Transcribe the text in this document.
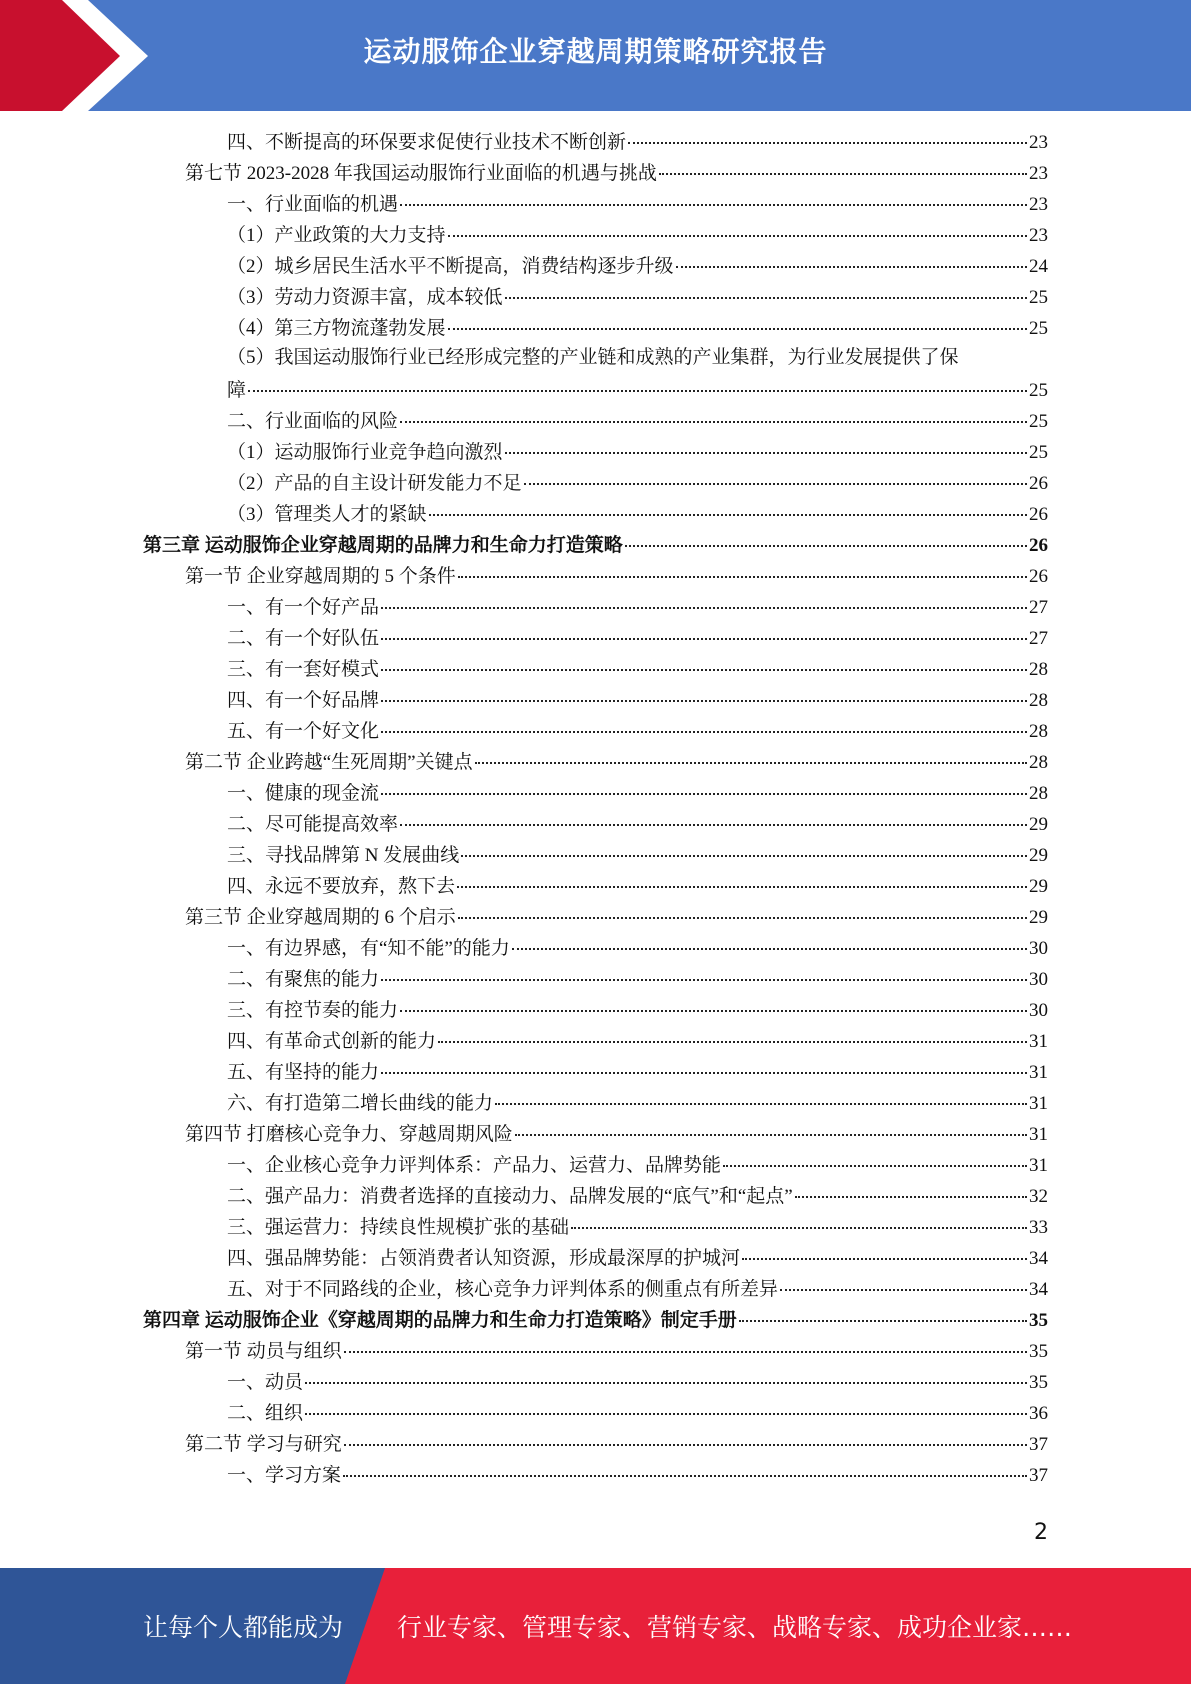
运动服饰企业穿越周期策略研究报告
四、不断提高的环保要求促使行业技术不断创新	23
第七节 2023-2028 年我国运动服饰行业面临的机遇与挑战	23
一、行业面临的机遇	23
（1）产业政策的大力支持	23
（2）城乡居民生活水平不断提高，消费结构逐步升级	24
（3）劳动力资源丰富，成本较低	25
（4）第三方物流蓬勃发展	25
（5）我国运动服饰行业已经形成完整的产业链和成熟的产业集群，为行业发展提供了保
障	25
二、行业面临的风险	25
（1）运动服饰行业竞争趋向激烈	25
（2）产品的自主设计研发能力不足	26
（3）管理类人才的紧缺	26
第三章 运动服饰企业穿越周期的品牌力和生命力打造策略	26
第一节 企业穿越周期的 5 个条件	26
一、有一个好产品	27
二、有一个好队伍	27
三、有一套好模式	28
四、有一个好品牌	28
五、有一个好文化	28
第二节 企业跨越“生死周期”关键点	28
一、健康的现金流	28
二、尽可能提高效率	29
三、寻找品牌第 N 发展曲线	29
四、永远不要放弃，熬下去	29
第三节 企业穿越周期的 6 个启示	29
一、有边界感，有“知不能”的能力	30
二、有聚焦的能力	30
三、有控节奏的能力	30
四、有革命式创新的能力	31
五、有坚持的能力	31
六、有打造第二增长曲线的能力	31
第四节 打磨核心竞争力、穿越周期风险	31
一、企业核心竞争力评判体系：产品力、运营力、品牌势能	31
二、强产品力：消费者选择的直接动力、品牌发展的“底气”和“起点”	32
三、强运营力：持续良性规模扩张的基础	33
四、强品牌势能：占领消费者认知资源，形成最深厚的护城河	34
五、对于不同路线的企业，核心竞争力评判体系的侧重点有所差异	34
第四章 运动服饰企业《穿越周期的品牌力和生命力打造策略》制定手册	35
第一节 动员与组织	35
一、动员	35
二、组织	36
第二节 学习与研究	37
一、学习方案	37
2
让每个人都能成为 行业专家、管理专家、营销专家、战略专家、成功企业家……
